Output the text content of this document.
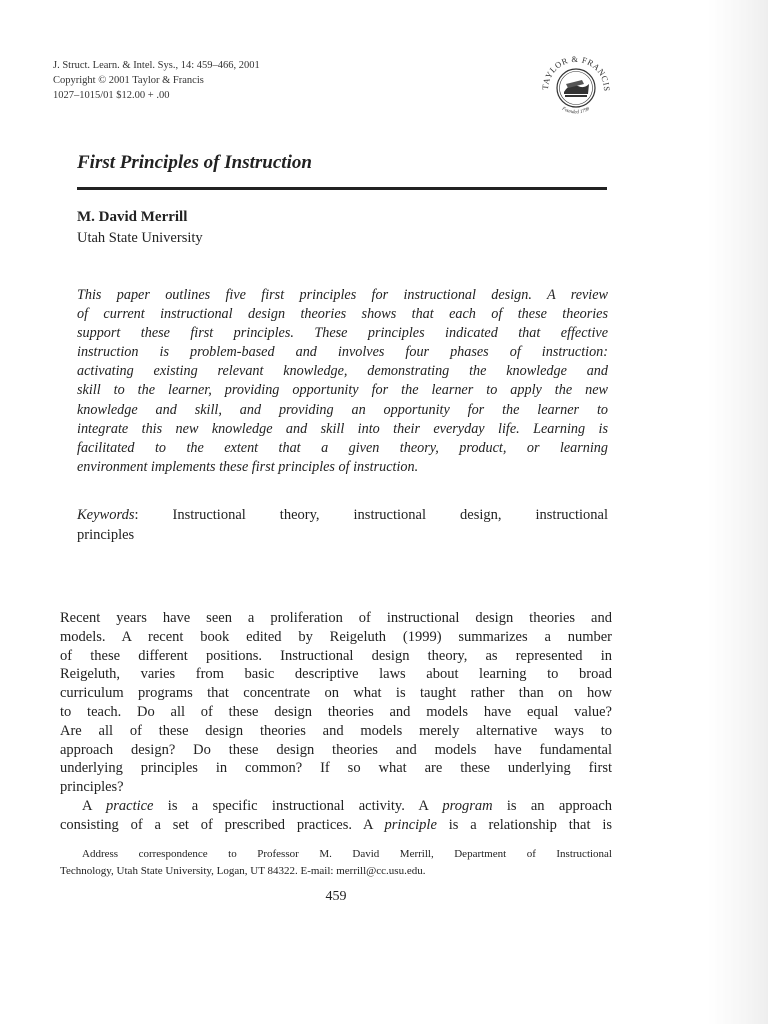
J. Struct. Learn. & Intel. Sys., 14: 459–466, 2001
Copyright © 2001 Taylor & Francis
1027–1015/01 $12.00 + .00
TAYLOR & FRANCIS
Founded 1798
First Principles of Instruction
M. David Merrill
Utah State University
This paper outlines five first principles for instructional design. A review
of current instructional design theories shows that each of these theories
support these first principles. These principles indicated that effective
instruction is problem-based and involves four phases of instruction:
activating existing relevant knowledge, demonstrating the knowledge and
skill to the learner, providing opportunity for the learner to apply the new
knowledge and skill, and providing an opportunity for the learner to
integrate this new knowledge and skill into their everyday life. Learning is
facilitated to the extent that a given theory, product, or learning
environment implements these first principles of instruction.
Keywords: Instructional theory, instructional design, instructional
principles
Recent years have seen a proliferation of instructional design theories and
models. A recent book edited by Reigeluth (1999) summarizes a number
of these different positions. Instructional design theory, as represented in
Reigeluth, varies from basic descriptive laws about learning to broad
curriculum programs that concentrate on what is taught rather than on how
to teach. Do all of these design theories and models have equal value?
Are all of these design theories and models merely alternative ways to
approach design? Do these design theories and models have fundamental
underlying principles in common? If so what are these underlying first
principles?
A practice is a specific instructional activity. A program is an approach
consisting of a set of prescribed practices. A principle is a relationship that is
Address correspondence to Professor M. David Merrill, Department of Instructional
Technology, Utah State University, Logan, UT 84322. E-mail: merrill@cc.usu.edu.
459
